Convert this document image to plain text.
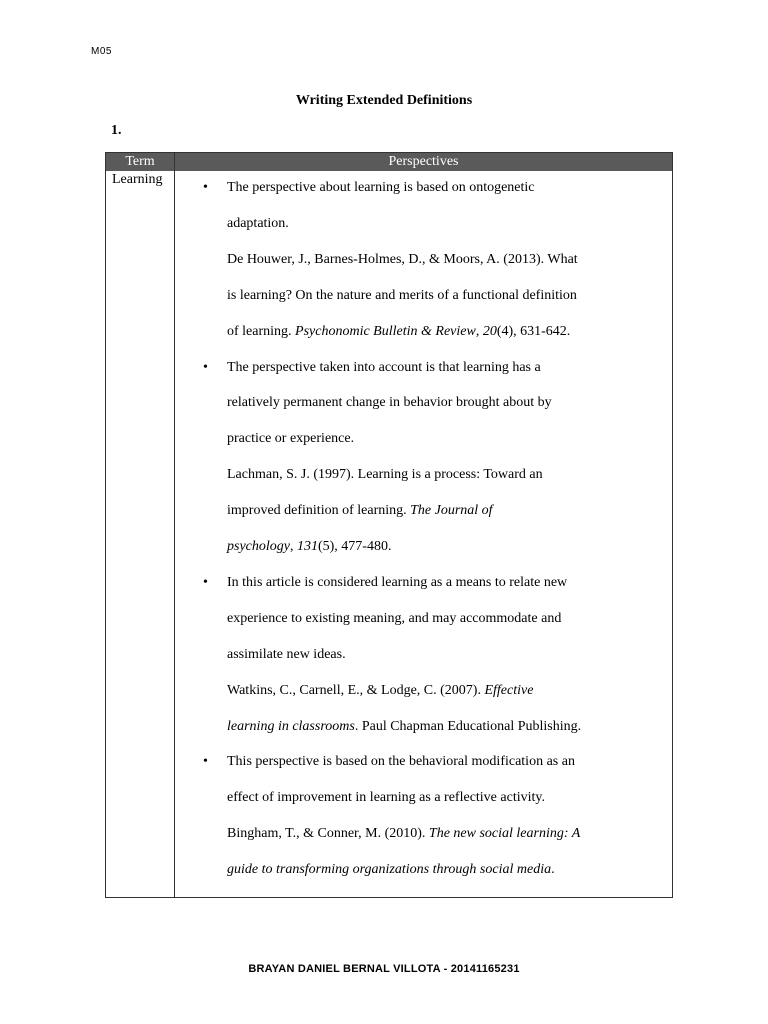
M05
Writing Extended Definitions
1.
Term	Perspectives
Learning
• The perspective about learning is based on ontogenetic
adaptation.
De Houwer, J., Barnes-Holmes, D., & Moors, A. (2013). What
is learning? On the nature and merits of a functional definition
of learning. Psychonomic Bulletin & Review, 20(4), 631-642.
• The perspective taken into account is that learning has a
relatively permanent change in behavior brought about by
practice or experience.
Lachman, S. J. (1997). Learning is a process: Toward an
improved definition of learning. The Journal of
psychology, 131(5), 477-480.
• In this article is considered learning as a means to relate new
experience to existing meaning, and may accommodate and
assimilate new ideas.
Watkins, C., Carnell, E., & Lodge, C. (2007). Effective
learning in classrooms. Paul Chapman Educational Publishing.
• This perspective is based on the behavioral modification as an
effect of improvement in learning as a reflective activity.
Bingham, T., & Conner, M. (2010). The new social learning: A
guide to transforming organizations through social media.
BRAYAN DANIEL BERNAL VILLOTA - 20141165231
